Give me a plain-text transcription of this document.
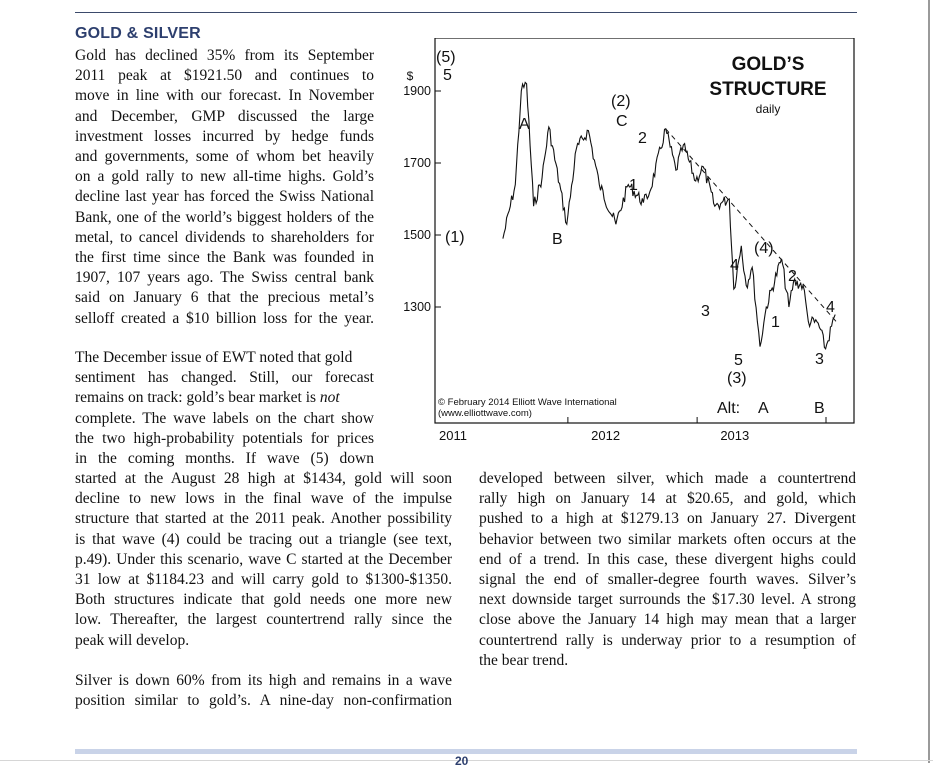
GOLD & SILVER
Gold has declined 35% from its September
2011 peak at $1921.50 and continues to
move in line with our forecast. In November
and December, GMP discussed the large
investment losses incurred by hedge funds
and governments, some of whom bet heavily
on a gold rally to new all-time highs. Gold’s
decline last year has forced the Swiss National
Bank, one of the world’s biggest holders of the
metal, to cancel dividends to shareholders for
the first time since the Bank was founded in
1907, 107 years ago. The Swiss central bank
said on January 6 that the precious metal’s
selloff created a $10 billion loss for the year.
The December issue of EWT noted that gold
sentiment has changed. Still, our forecast
remains on track: gold’s bear market is not
complete. The wave labels on the chart show
the two high-probability potentials for prices
in the coming months. If wave (5) down
started at the August 28 high at $1434, gold will soon
decline to new lows in the final wave of the impulse
structure that started at the 2011 peak. Another possibility
is that wave (4) could be tracing out a triangle (see text,
p.49). Under this scenario, wave C started at the December
31 low at $1184.23 and will carry gold to $1300-$1350.
Both structures indicate that gold needs one more new
low. Thereafter, the largest countertrend rally since the
peak will develop.
Silver is down 60% from its high and remains in a wave
position similar to gold’s. A nine-day non-confirmation
developed between silver, which made a countertrend
rally high on January 14 at $20.65, and gold, which
pushed to a high at $1279.13 on January 27. Divergent
behavior between two similar markets often occurs at the
end of a trend. In this case, these divergent highs could
signal the end of smaller-degree fourth waves. Silver’s
next downside target surrounds the $17.30 level. A strong
close above the January 14 high may mean that a larger
countertrend rally is underway prior to a resumption of
the bear trend.
$
1900
1700
1500
1300
2011	2012	2013
GOLD’S
STRUCTURE
daily
(5)
5
(1)
A
B
(2)
C
2
1
3
4
5
(3)
(4)
2
1
3
4
A	B
Alt:
© February 2014 Elliott Wave International
(www.elliottwave.com)
20
